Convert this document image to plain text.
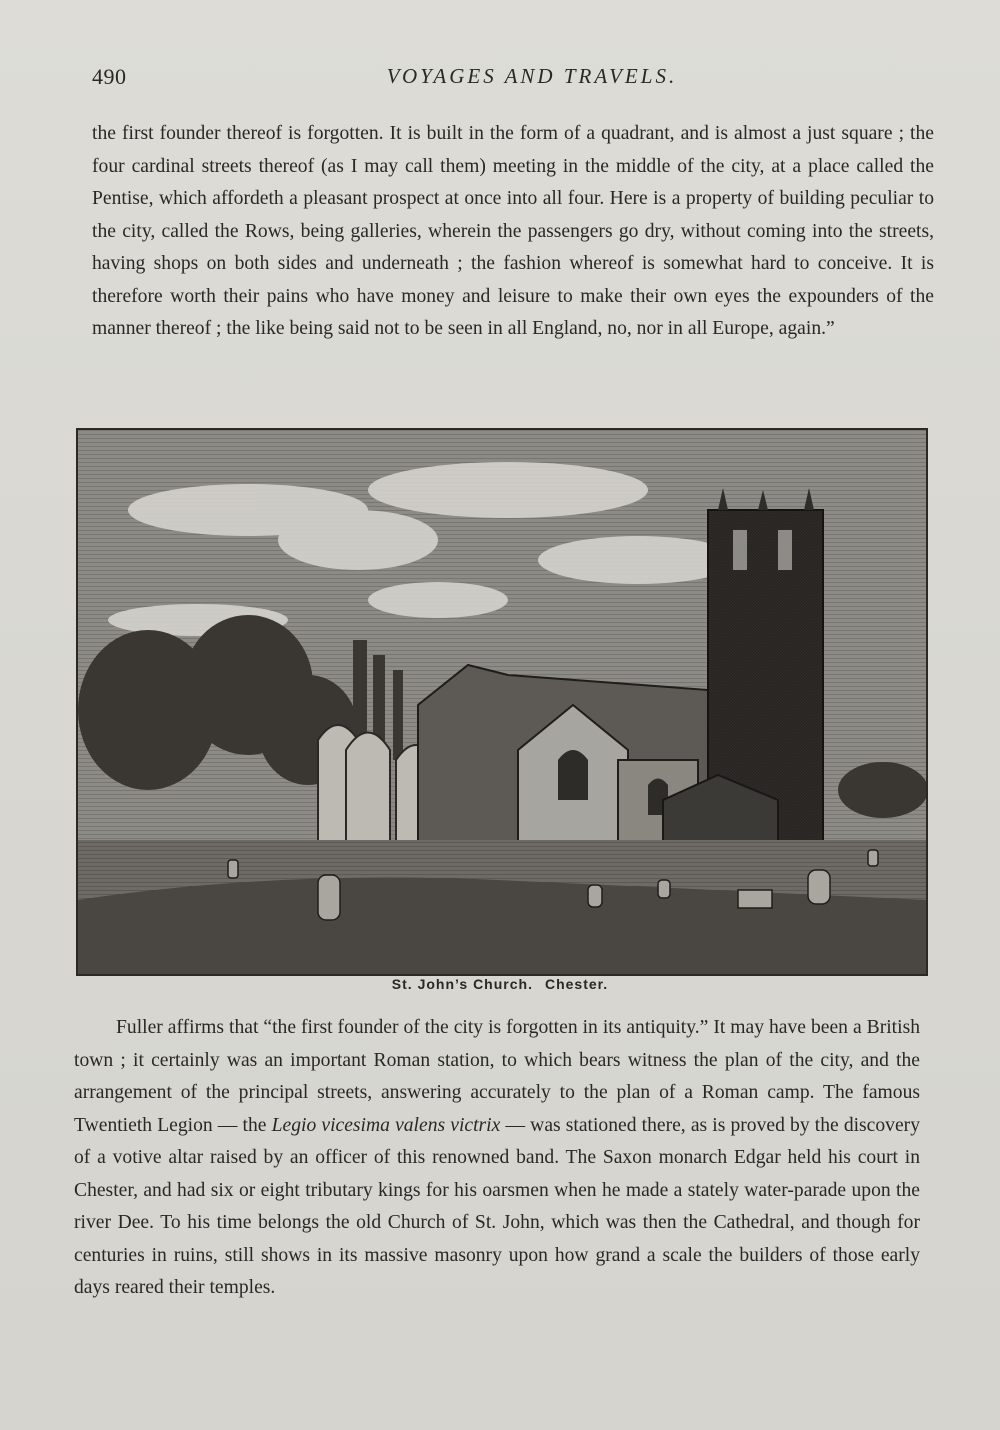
490	VOYAGES AND TRAVELS.

the first founder thereof is forgotten. It is built in the form of a quadrant, and is almost a just square ; the four cardinal streets thereof (as I may call them) meeting in the middle of the city, at a place called the Pentise, which affordeth a pleasant prospect at once into all four. Here is a property of building peculiar to the city, called the Rows, being galleries, wherein the passengers go dry, without coming into the streets, having shops on both sides and underneath ; the fashion whereof is somewhat hard to conceive. It is therefore worth their pains who have money and leisure to make their own eyes the expounders of the manner thereof ; the like being said not to be seen in all England, no, nor in all Europe, again.”

St. John’s Church. Chester.

Fuller affirms that “the first founder of the city is forgotten in its antiquity.” It may have been a British town ; it certainly was an important Roman station, to which bears witness the plan of the city, and the arrangement of the principal streets, answering accurately to the plan of a Roman camp. The famous Twentieth Legion — the Legio vicesima valens victrix — was stationed there, as is proved by the discovery of a votive altar raised by an officer of this renowned band. The Saxon monarch Edgar held his court in Chester, and had six or eight tributary kings for his oarsmen when he made a stately water-parade upon the river Dee. To his time belongs the old Church of St. John, which was then the Cathedral, and though for centuries in ruins, still shows in its massive masonry upon how grand a scale the builders of those early days reared their temples.
